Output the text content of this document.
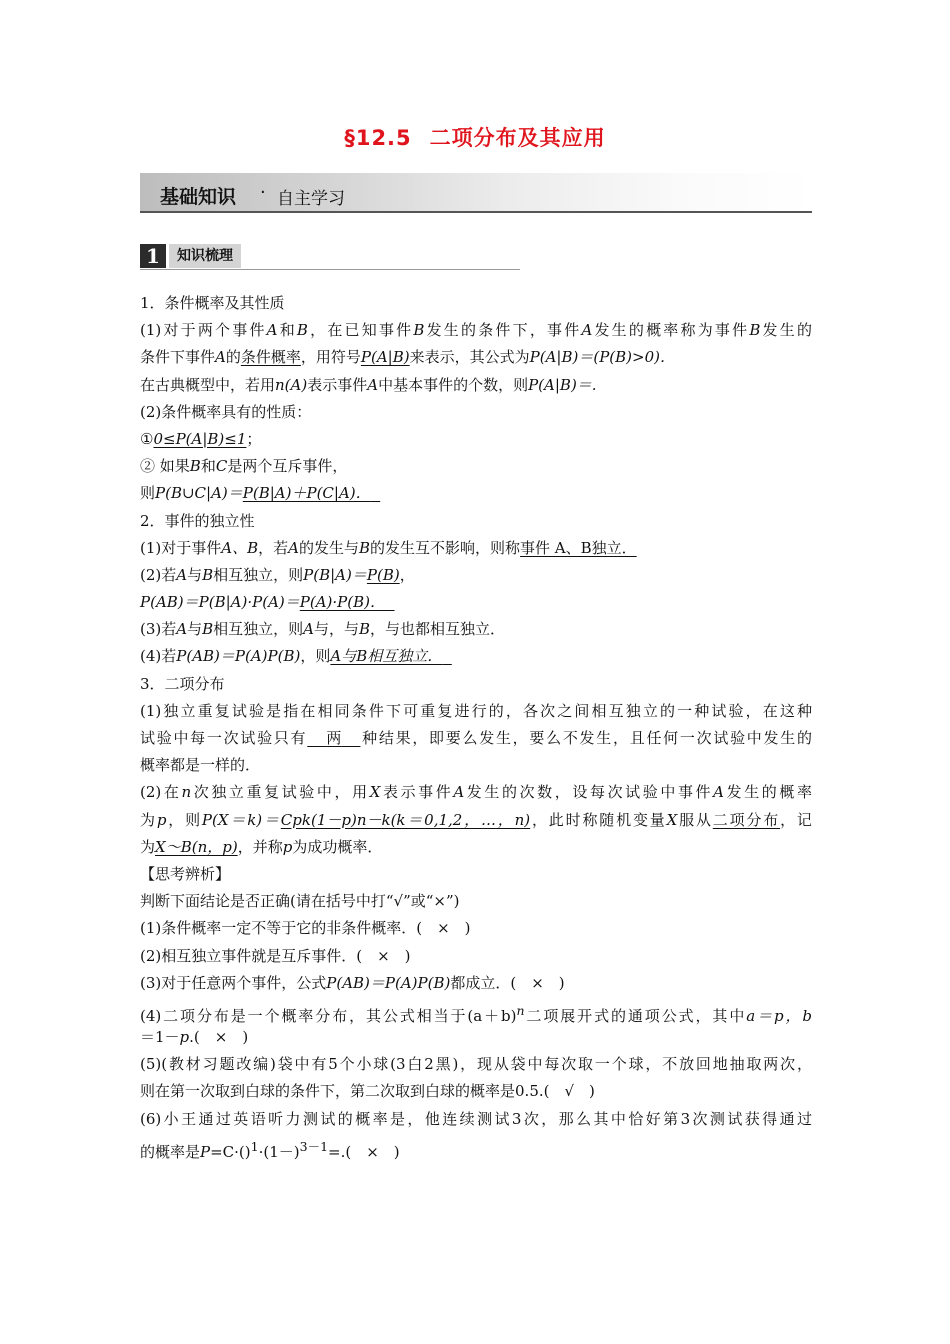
§12.5 二项分布及其应用
基础知识 · 自主学习
1	知识梳理
1．条件概率及其性质
(1)对于两个事件A和B，在已知事件B发生的条件下，事件A发生的概率称为事件B发生的
条件下事件A的条件概率，用符号P(A|B)来表示，其公式为P(A|B)＝(P(B)>0)．
在古典概型中，若用n(A)表示事件A中基本事件的个数，则P(A|B)＝.
(2)条件概率具有的性质：
①0≤P(A|B)≤1；
② 如果B和C是两个互斥事件，
则P(B∪C|A)＝P(B|A)＋P(C|A)．
2．事件的独立性
(1)对于事件A、B，若A的发生与B的发生互不影响，则称事件 A、B独立．
(2)若A与B相互独立，则P(B|A)＝P(B)，
P(AB)＝P(B|A)·P(A)＝P(A)·P(B)．
(3)若A与B相互独立，则A与，与B，与也都相互独立．
(4)若P(AB)＝P(A)P(B)，则A与B相互独立．
3．二项分布
(1)独立重复试验是指在相同条件下可重复进行的，各次之间相互独立的一种试验，在这种
试验中每一次试验只有 两 种结果，即要么发生，要么不发生，且任何一次试验中发生的
概率都是一样的．
(2)在n次独立重复试验中，用X表示事件A发生的次数，设每次试验中事件A发生的概率
为p，则P(X＝k)＝Cpk(1－p)n－k(k＝0,1,2，…，n)，此时称随机变量X服从二项分布，记
为X～B(n，p)，并称p为成功概率．
【思考辨析】
判断下面结论是否正确(请在括号中打“√”或“×”)
(1)条件概率一定不等于它的非条件概率．(　×　)
(2)相互独立事件就是互斥事件．(　×　)
(3)对于任意两个事件，公式P(AB)＝P(A)P(B)都成立．(　×　)
(4)二项分布是一个概率分布，其公式相当于$(a+b)^n$二项展开式的通项公式，其中a＝p，b
＝1－p.(　×　)
(5)(教材习题改编)袋中有5个小球(3白2黑)，现从袋中每次取一个球，不放回地抽取两次，
则在第一次取到白球的条件下，第二次取到白球的概率是0.5.(　√　)
(6)小王通过英语听力测试的概率是，他连续测试3次，那么其中恰好第3次测试获得通过
的概率是$P=C\cdot()^1\cdot(1-)^{3-1}=$.(　×　)
